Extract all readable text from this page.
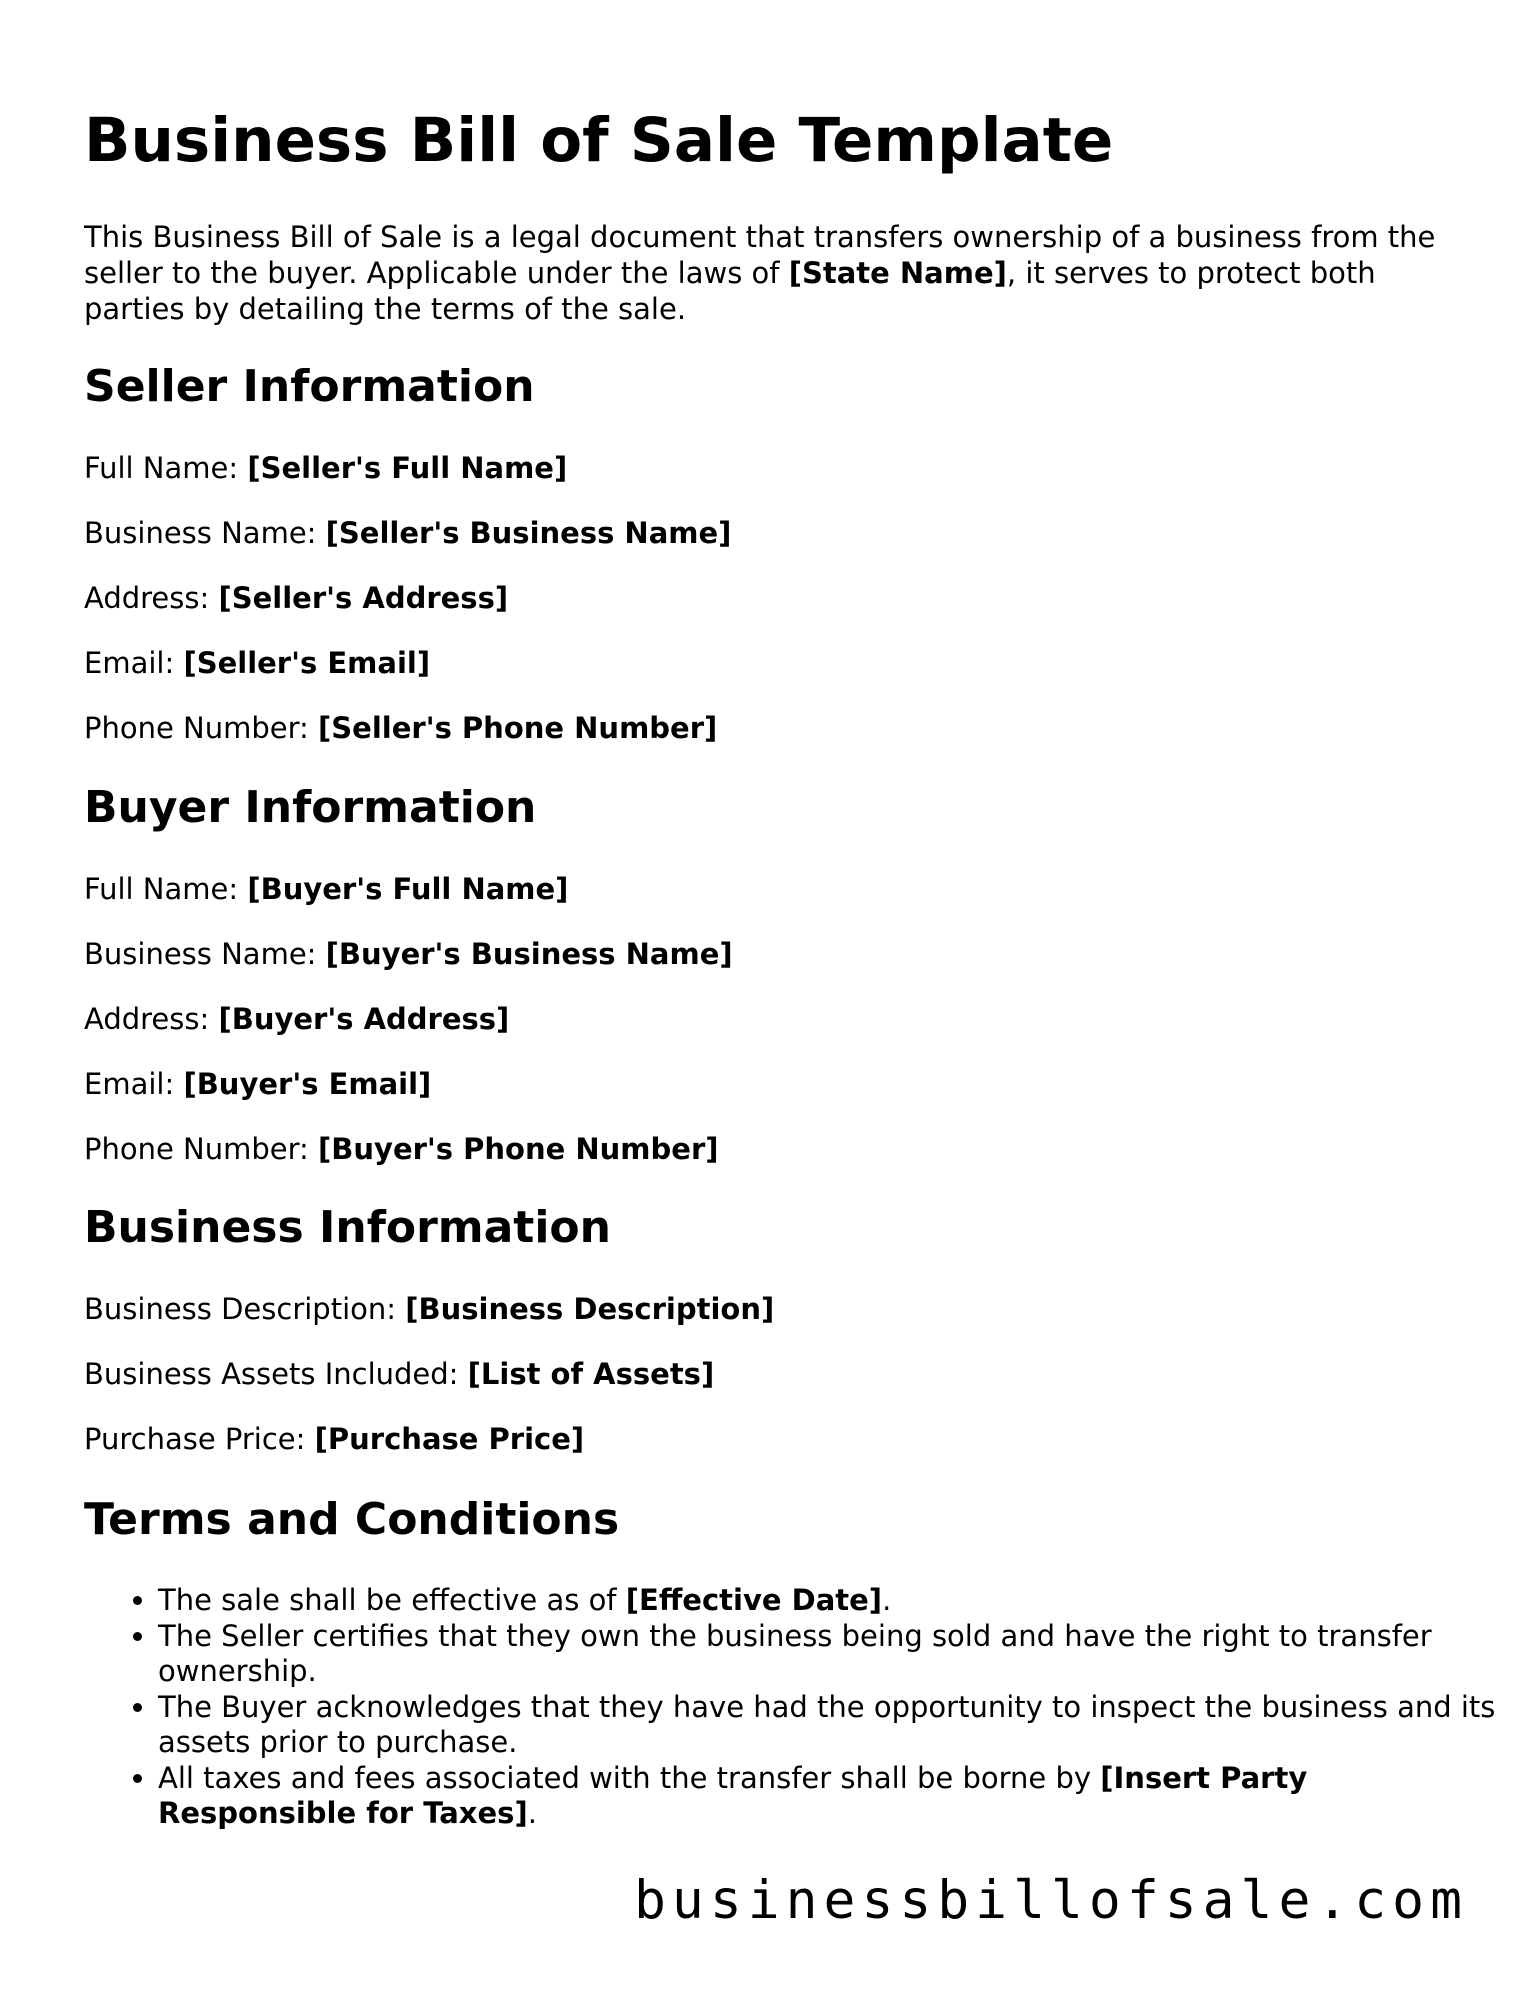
Business Bill of Sale Template

This Business Bill of Sale is a legal document that transfers ownership of a business from the seller to the buyer. Applicable under the laws of [State Name], it serves to protect both parties by detailing the terms of the sale.

Seller Information

Full Name: [Seller's Full Name]

Business Name: [Seller's Business Name]

Address: [Seller's Address]

Email: [Seller's Email]

Phone Number: [Seller's Phone Number]

Buyer Information

Full Name: [Buyer's Full Name]

Business Name: [Buyer's Business Name]

Address: [Buyer's Address]

Email: [Buyer's Email]

Phone Number: [Buyer's Phone Number]

Business Information

Business Description: [Business Description]

Business Assets Included: [List of Assets]

Purchase Price: [Purchase Price]

Terms and Conditions
• The sale shall be effective as of [Effective Date].
• The Seller certifies that they own the business being sold and have the right to transfer ownership.
• The Buyer acknowledges that they have had the opportunity to inspect the business and its assets prior to purchase.
• All taxes and fees associated with the transfer shall be borne by [Insert Party Responsible for Taxes].
businessbillofsale.com
